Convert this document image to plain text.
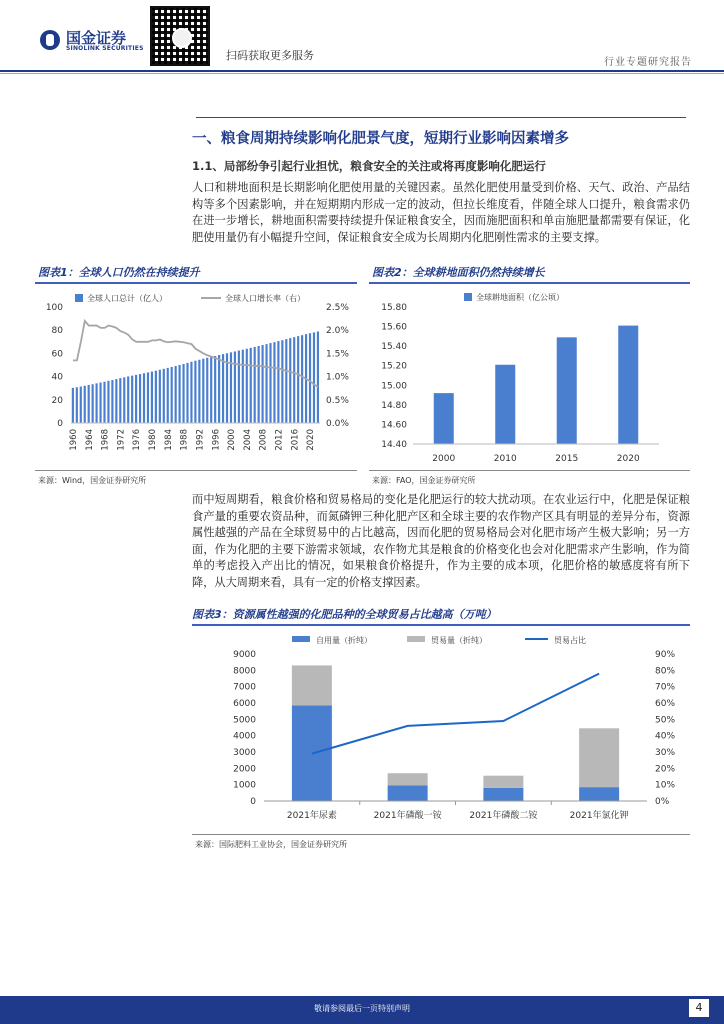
国金证券
SINOLINK SECURITIES
扫码获取更多服务
行业专题研究报告
一、粮食周期持续影响化肥景气度，短期行业影响因素增多
1.1、局部纷争引起行业担忧，粮食安全的关注或将再度影响化肥运行
人口和耕地面积是长期影响化肥使用量的关键因素。虽然化肥使用量受到价格、天气、政治、产品结构等多个因素影响，并在短期期内形成一定的波动，但拉长维度看，伴随全球人口提升，粮食需求仍在进一步增长，耕地面积需要持续提升保证粮食安全，因而施肥面积和单亩施肥量都需要有保证，化肥使用量仍有小幅提升空间，保证粮食安全成为长周期内化肥刚性需求的主要支撑。
图表1：全球人口仍然在持续提升	图表2：全球耕地面积仍然持续增长
全球人口总计（亿人）	全球人口增长率（右）
0
20
40
60
80
100
0.0%
0.5%
1.0%
1.5%
2.0%
2.5%
1960 1964 1968 1972 1976 1980 1984 1988 1992 1996 2000 2004 2008 2012 2016 2020
全球耕地面积（亿公顷）
14.40
14.60
14.80
15.00
15.20
15.40
15.60
15.80
2000	2010	2015	2020
来源：Wind，国金证券研究所	来源：FAO，国金证券研究所
而中短周期看，粮食价格和贸易格局的变化是化肥运行的较大扰动项。在农业运行中，化肥是保证粮食产量的重要农资品种，而氮磷钾三种化肥产区和全球主要的农作物产区具有明显的差异分布，资源属性越强的产品在全球贸易中的占比越高，因而化肥的贸易格局会对化肥市场产生极大影响；另一方面，作为化肥的主要下游需求领域，农作物尤其是粮食的价格变化也会对化肥需求产生影响，作为简单的考虑投入产出比的情况，如果粮食价格提升，作为主要的成本项，化肥价格的敏感度将有所下降，从大周期来看，具有一定的价格支撑因素。
图表3：资源属性越强的化肥品种的全球贸易占比越高（万吨）
自用量（折纯）	贸易量（折纯）	贸易占比
0
1000
2000
3000
4000
5000
6000
7000
8000
9000
0%
10%
20%
30%
40%
50%
60%
70%
80%
90%
2021年尿素	2021年磷酸一铵	2021年磷酸二铵	2021年氯化钾
来源：国际肥料工业协会，国金证券研究所
敬请参阅最后一页特别声明	4
